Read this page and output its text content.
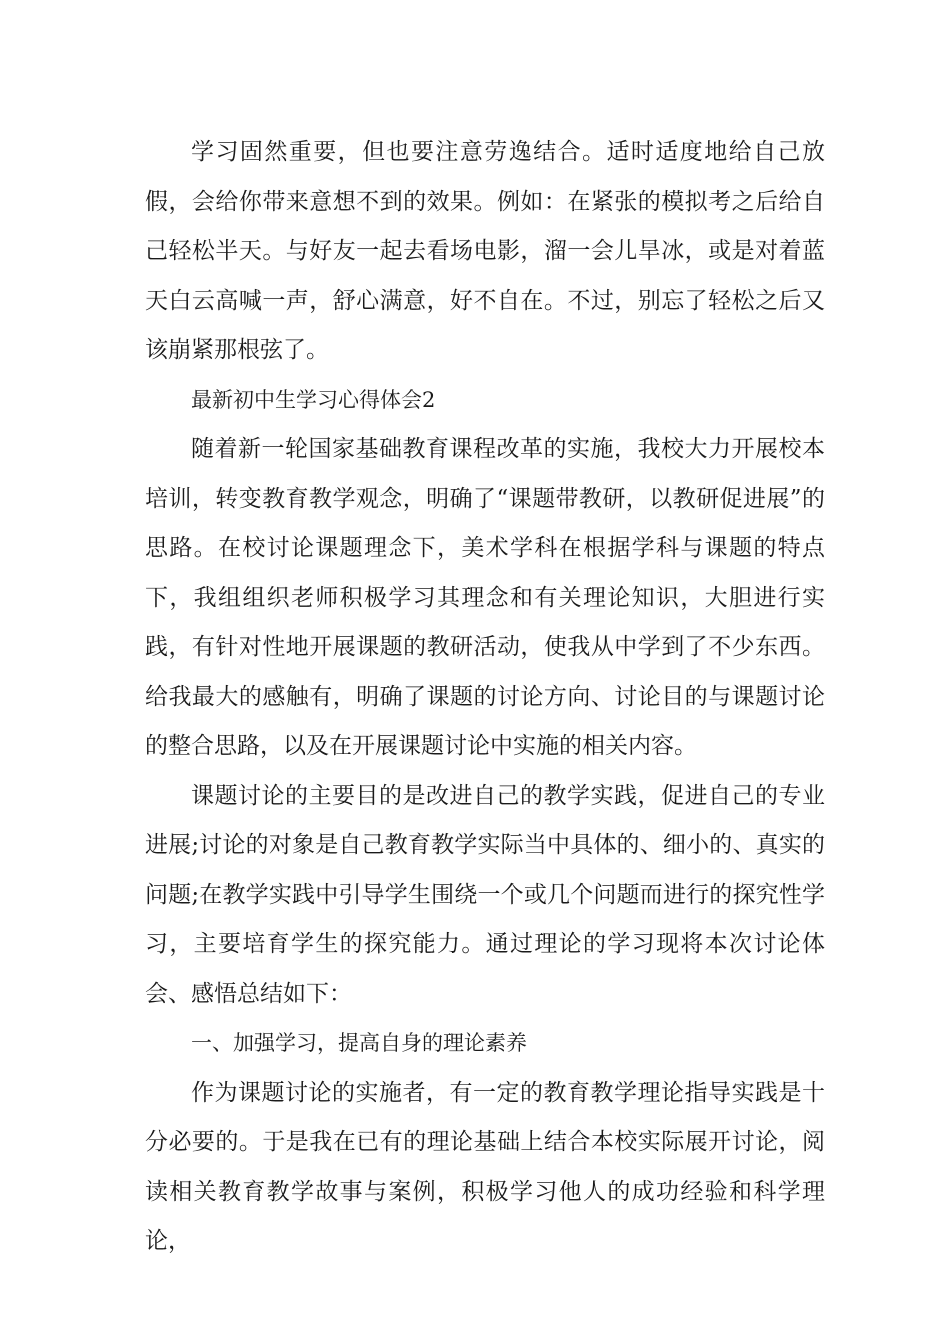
学习固然重要，但也要注意劳逸结合。适时适度地给自己放假，会给你带来意想不到的效果。例如：在紧张的模拟考之后给自己轻松半天。与好友一起去看场电影，溜一会儿旱冰，或是对着蓝天白云高喊一声，舒心满意，好不自在。不过，别忘了轻松之后又该崩紧那根弦了。

最新初中生学习心得体会2

随着新一轮国家基础教育课程改革的实施，我校大力开展校本培训，转变教育教学观念，明确了“课题带教研，以教研促进展”的思路。在校讨论课题理念下，美术学科在根据学科与课题的特点下，我组组织老师积极学习其理念和有关理论知识，大胆进行实践，有针对性地开展课题的教研活动，使我从中学到了不少东西。给我最大的感触有，明确了课题的讨论方向、讨论目的与课题讨论的整合思路，以及在开展课题讨论中实施的相关内容。

课题讨论的主要目的是改进自己的教学实践，促进自己的专业进展;讨论的对象是自己教育教学实际当中具体的、细小的、真实的问题;在教学实践中引导学生围绕一个或几个问题而进行的探究性学习，主要培育学生的探究能力。通过理论的学习现将本次讨论体会、感悟总结如下：

一、加强学习，提高自身的理论素养

作为课题讨论的实施者，有一定的教育教学理论指导实践是十分必要的。于是我在已有的理论基础上结合本校实际展开讨论，阅读相关教育教学故事与案例，积极学习他人的成功经验和科学理论，
